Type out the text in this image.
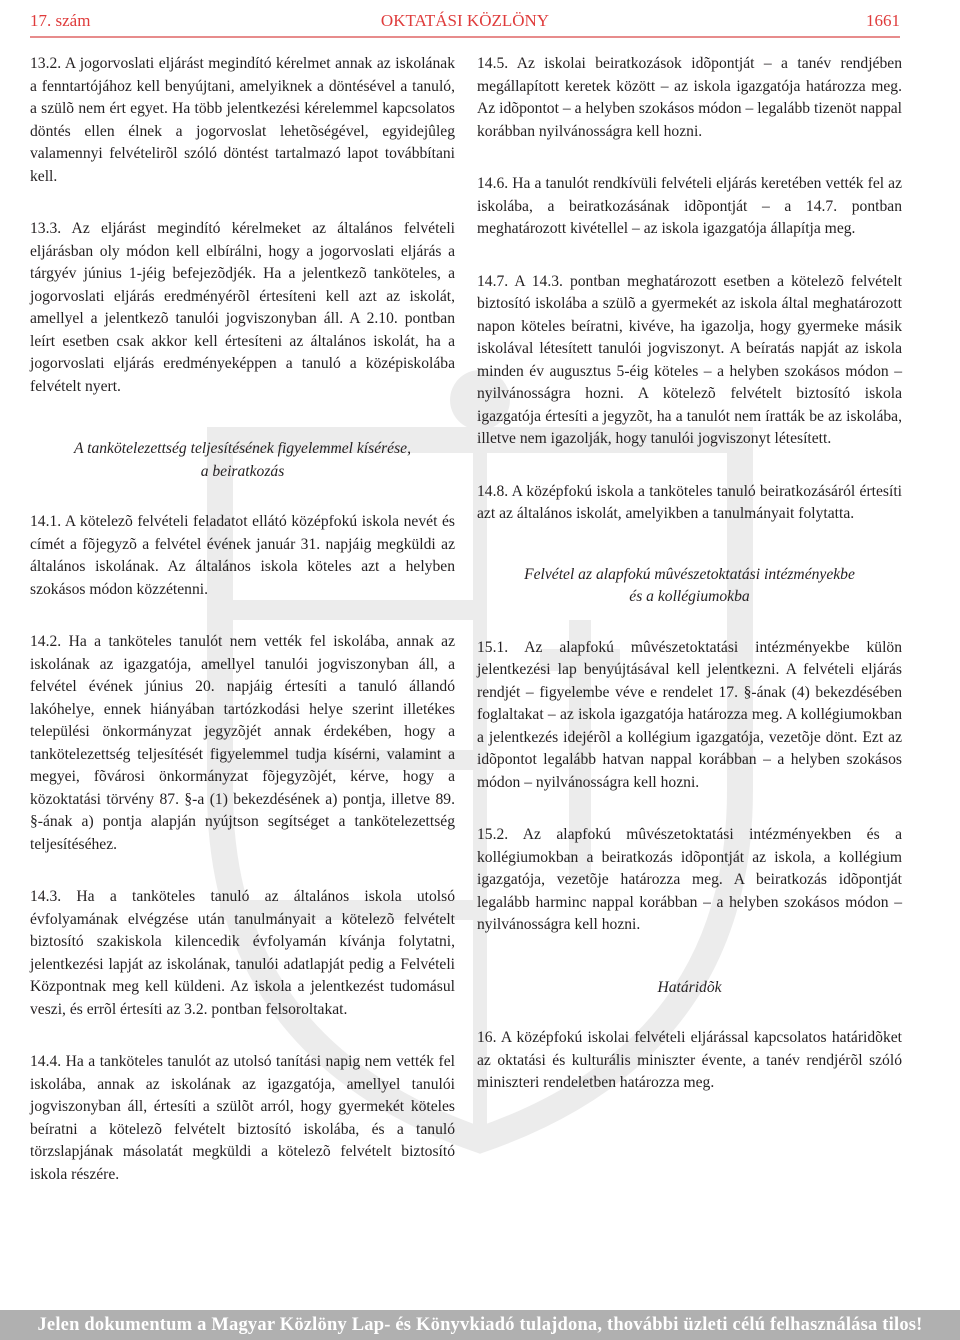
17. szám	OKTATÁSI KÖZLÖNY	1661

13.2. A jogorvoslati eljárást megindító kérelmet annak az iskolának a fenntartójához kell benyújtani, amelyiknek a döntésével a tanuló, a szülõ nem ért egyet. Ha több jelentkezési kérelemmel kapcsolatos döntés ellen élnek a jogorvoslat lehetõségével, egyidejûleg valamennyi felvételirõl szóló döntést tartalmazó lapot továbbítani kell.

13.3. Az eljárást megindító kérelmeket az általános felvételi eljárásban oly módon kell elbírálni, hogy a jogorvoslati eljárás a tárgyév június 1-jéig befejezõdjék. Ha a jelentkezõ tanköteles, a jogorvoslati eljárás eredményérõl értesíteni kell azt az iskolát, amellyel a jelentkezõ tanulói jogviszonyban áll. A 2.10. pontban leírt esetben csak akkor kell értesíteni az általános iskolát, ha a jogorvoslati eljárás eredményeképpen a tanuló a középiskolába felvételt nyert.

A tankötelezettség teljesítésének figyelemmel kísérése,
a beiratkozás

14.1. A kötelezõ felvételi feladatot ellátó középfokú iskola nevét és címét a fõjegyzõ a felvétel évének január 31. napjáig megküldi az általános iskolának. Az általános iskola köteles azt a helyben szokásos módon közzétenni.

14.2. Ha a tanköteles tanulót nem vették fel iskolába, annak az iskolának az igazgatója, amellyel tanulói jogviszonyban áll, a felvétel évének június 20. napjáig értesíti a tanuló állandó lakóhelye, ennek hiányában tartózkodási helye szerint illetékes települési önkormányzat jegyzõjét annak érdekében, hogy a tankötelezettség teljesítését figyelemmel tudja kísérni, valamint a megyei, fõvárosi önkormányzat fõjegyzõjét, kérve, hogy a közoktatási törvény 87. §-a (1) bekezdésének a) pontja, illetve 89. §-ának a) pontja alapján nyújtson segítséget a tankötelezettség teljesítéséhez.

14.3. Ha a tanköteles tanuló az általános iskola utolsó évfolyamának elvégzése után tanulmányait a kötelezõ felvételt biztosító szakiskola kilencedik évfolyamán kívánja folytatni, jelentkezési lapját az iskolának, tanulói adatlapját pedig a Felvételi Központnak meg kell küldeni. Az iskola a jelentkezést tudomásul veszi, és errõl értesíti az 3.2. pontban felsoroltakat.

14.4. Ha a tanköteles tanulót az utolsó tanítási napig nem vették fel iskolába, annak az iskolának az igazgatója, amellyel tanulói jogviszonyban áll, értesíti a szülõt arról, hogy gyermekét köteles beíratni a kötelezõ felvételt biztosító iskolába, és a tanuló törzslapjának másolatát megküldi a kötelezõ felvételt biztosító iskola részére.

14.5. Az iskolai beiratkozások idõpontját – a tanév rendjében megállapított keretek között – az iskola igazgatója határozza meg. Az idõpontot – a helyben szokásos módon – legalább tizenöt nappal korábban nyilvánosságra kell hozni.

14.6. Ha a tanulót rendkívüli felvételi eljárás keretében vették fel az iskolába, a beiratkozásának idõpontját – a 14.7. pontban meghatározott kivétellel – az iskola igazgatója állapítja meg.

14.7. A 14.3. pontban meghatározott esetben a kötelezõ felvételt biztosító iskolába a szülõ a gyermekét az iskola által meghatározott napon köteles beíratni, kivéve, ha igazolja, hogy gyermeke másik iskolával létesített tanulói jogviszonyt. A beíratás napját az iskola minden év augusztus 5-éig köteles – a helyben szokásos módon – nyilvánosságra hozni. A kötelezõ felvételt biztosító iskola igazgatója értesíti a jegyzõt, ha a tanulót nem íratták be az iskolába, illetve nem igazolják, hogy tanulói jogviszonyt létesített.

14.8. A középfokú iskola a tanköteles tanuló beiratkozásáról értesíti azt az általános iskolát, amelyikben a tanulmányait folytatta.

Felvétel az alapfokú mûvészetoktatási intézményekbe
és a kollégiumokba

15.1. Az alapfokú mûvészetoktatási intézményekbe külön jelentkezési lap benyújtásával kell jelentkezni. A felvételi eljárás rendjét – figyelembe véve e rendelet 17. §-ának (4) bekezdésében foglaltakat – az iskola igazgatója határozza meg. A kollégiumokban a jelentkezés idejérõl a kollégium igazgatója, vezetõje dönt. Ezt az idõpontot legalább hatvan nappal korábban – a helyben szokásos módon – nyilvánosságra kell hozni.

15.2. Az alapfokú mûvészetoktatási intézményekben és a kollégiumokban a beiratkozás idõpontját az iskola, a kollégium igazgatója, vezetõje határozza meg. A beiratkozás idõpontját legalább harminc nappal korábban – a helyben szokásos módon – nyilvánosságra kell hozni.

Határidõk

16. A középfokú iskolai felvételi eljárással kapcsolatos határidõket az oktatási és kulturális miniszter évente, a tanév rendjérõl szóló miniszteri rendeletben határozza meg.

Jelen dokumentum a Magyar Közlöny Lap- és Könyvkiadó tulajdona, thovábbi üzleti célú felhasználása tilos!
